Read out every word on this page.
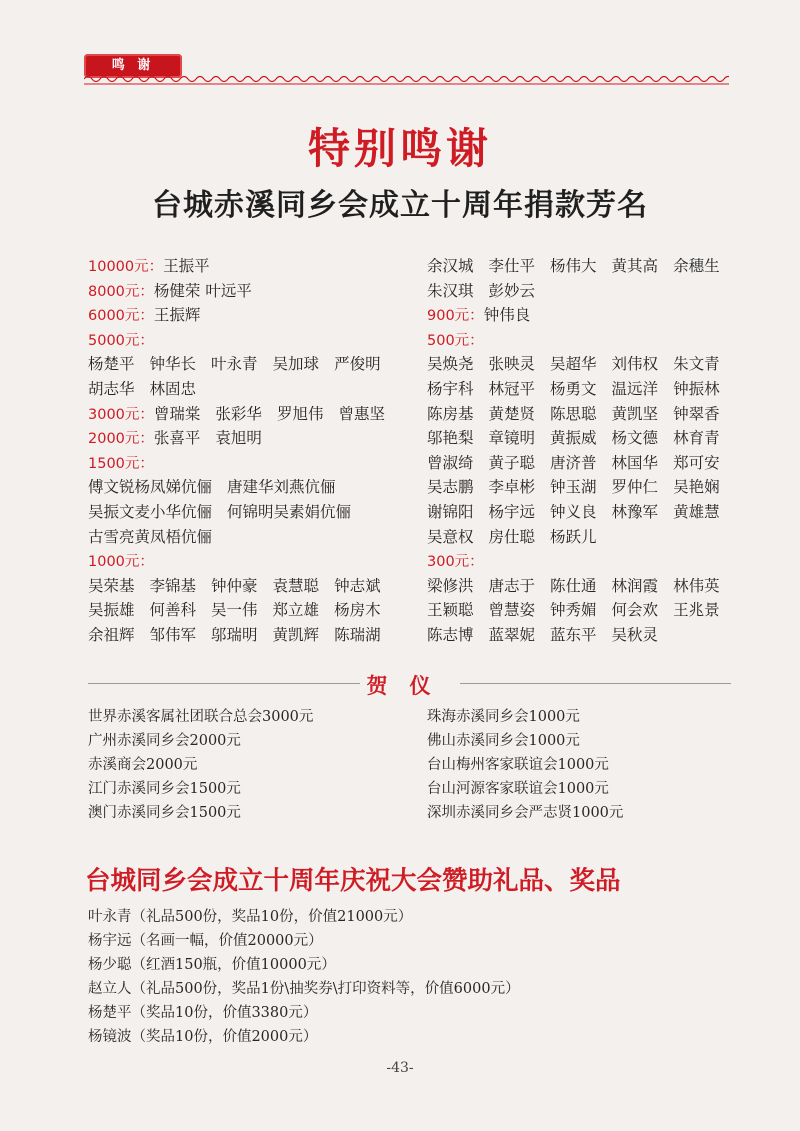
鸣 谢
特别鸣谢
台城赤溪同乡会成立十周年捐款芳名
10000元：王振平
8000元：杨健荣 叶远平
6000元：王振辉
5000元：
杨楚平 钟华长 叶永青 吴加球 严俊明
胡志华 林固忠
3000元：曾瑞棠 张彩华 罗旭伟 曾惠坚
2000元：张喜平 袁旭明
1500元：
傅文锐杨凤娣伉俪 唐建华刘燕伉俪
吴振文麦小华伉俪 何锦明吴素娟伉俪
古雪亮黄凤梧伉俪
1000元：
吴荣基 李锦基 钟仲豪 袁慧聪 钟志斌
吴振雄 何善科 吴一伟 郑立雄 杨房木
余祖辉 邹伟军 邬瑞明 黄凯辉 陈瑞湖
余汉城 李仕平 杨伟大 黄其高 余穗生
朱汉琪 彭妙云
900元：钟伟良
500元：
吴焕尧 张映灵 吴超华 刘伟权 朱文青
杨宇科 林冠平 杨勇文 温远洋 钟振林
陈房基 黄楚贤 陈思聪 黄凯坚 钟翠香
邬艳梨 章镜明 黄振威 杨文德 林育青
曾淑绮 黄子聪 唐济普 林国华 郑可安
吴志鹏 李卓彬 钟玉湖 罗仲仁 吴艳娴
谢锦阳 杨宇远 钟义良 林豫军 黄雄慧
吴意权 房仕聪 杨跃儿
300元：
梁修洪 唐志于 陈仕通 林润霞 林伟英
王颖聪 曾慧姿 钟秀媚 何会欢 王兆景
陈志博 蓝翠妮 蓝东平 吴秋灵
贺仪
世界赤溪客属社团联合总会3000元
广州赤溪同乡会2000元
赤溪商会2000元
江门赤溪同乡会1500元
澳门赤溪同乡会1500元
珠海赤溪同乡会1000元
佛山赤溪同乡会1000元
台山梅州客家联谊会1000元
台山河源客家联谊会1000元
深圳赤溪同乡会严志贤1000元
台城同乡会成立十周年庆祝大会赞助礼品、奖品
叶永青（礼品500份，奖品10份，价值21000元）
杨宇远（名画一幅，价值20000元）
杨少聪（红酒150瓶，价值10000元）
赵立人（礼品500份，奖品1份\抽奖券\打印资料等，价值6000元）
杨楚平（奖品10份，价值3380元）
杨镜波（奖品10份，价值2000元）
-43-
